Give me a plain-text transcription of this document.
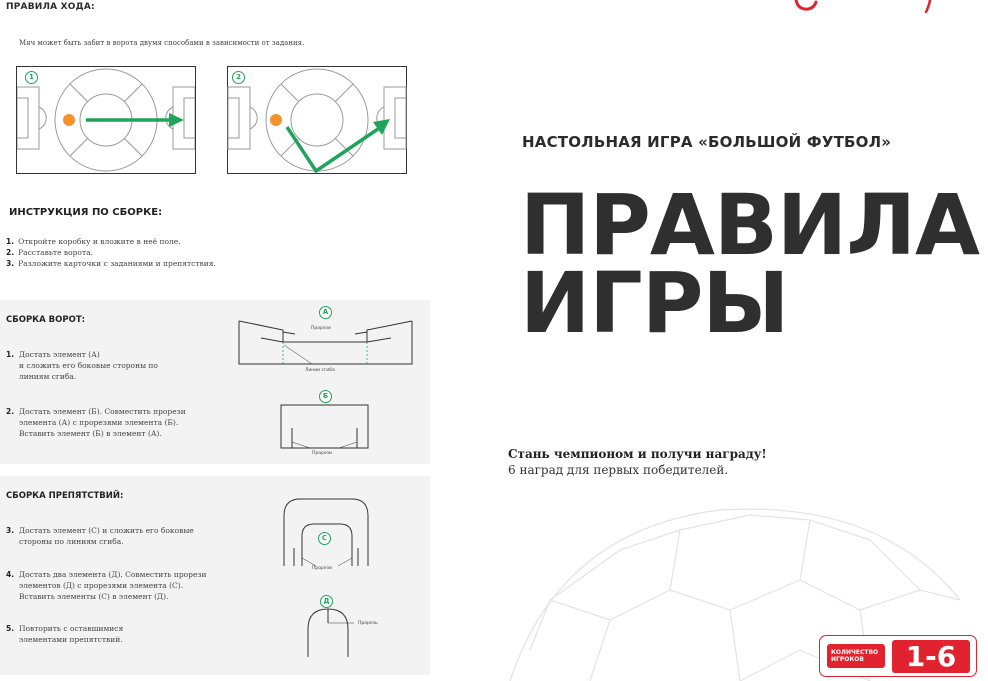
ПРАВИЛА ХОДА:
Мяч может быть забит в ворота двумя способами в зависимости от задания.
1	2
ИНСТРУКЦИЯ ПО СБОРКЕ:
1. Откройте коробку и вложите в неё поле.
2. Расставьте ворота.
3. Разложите карточки с заданиями и препятствия.
СБОРКА ВОРОТ:
1. Достать элемент (А)
и сложить его боковые стороны по
линиям сгиба.
2. Достать элемент (Б). Совместить прорези
элемента (А) с прорезями элемента (Б).
Вставить элемент (Б) в элемент (А).
А
Прорези
Линии сгиба
Б
Прорези
СБОРКА ПРЕПЯТСТВИЙ:
3. Достать элемент (С) и сложить его боковые
стороны по линиям сгиба.
4. Достать два элемента (Д). Совместить прорези
элементов (Д) с прорезями элемента (С).
Вставить элементы (С) в элемент (Д).
5. Повторить с оставшимися
элементами препятствий.
С
Прорези
Д
Прорезь
НАСТОЛЬНАЯ ИГРА «БОЛЬШОЙ ФУТБОЛ»
ПРАВИЛА
ИГРЫ
Стань чемпионом и получи награду!
6 наград для первых победителей.
КОЛИЧЕСТВО
ИГРОКОВ	1-6
